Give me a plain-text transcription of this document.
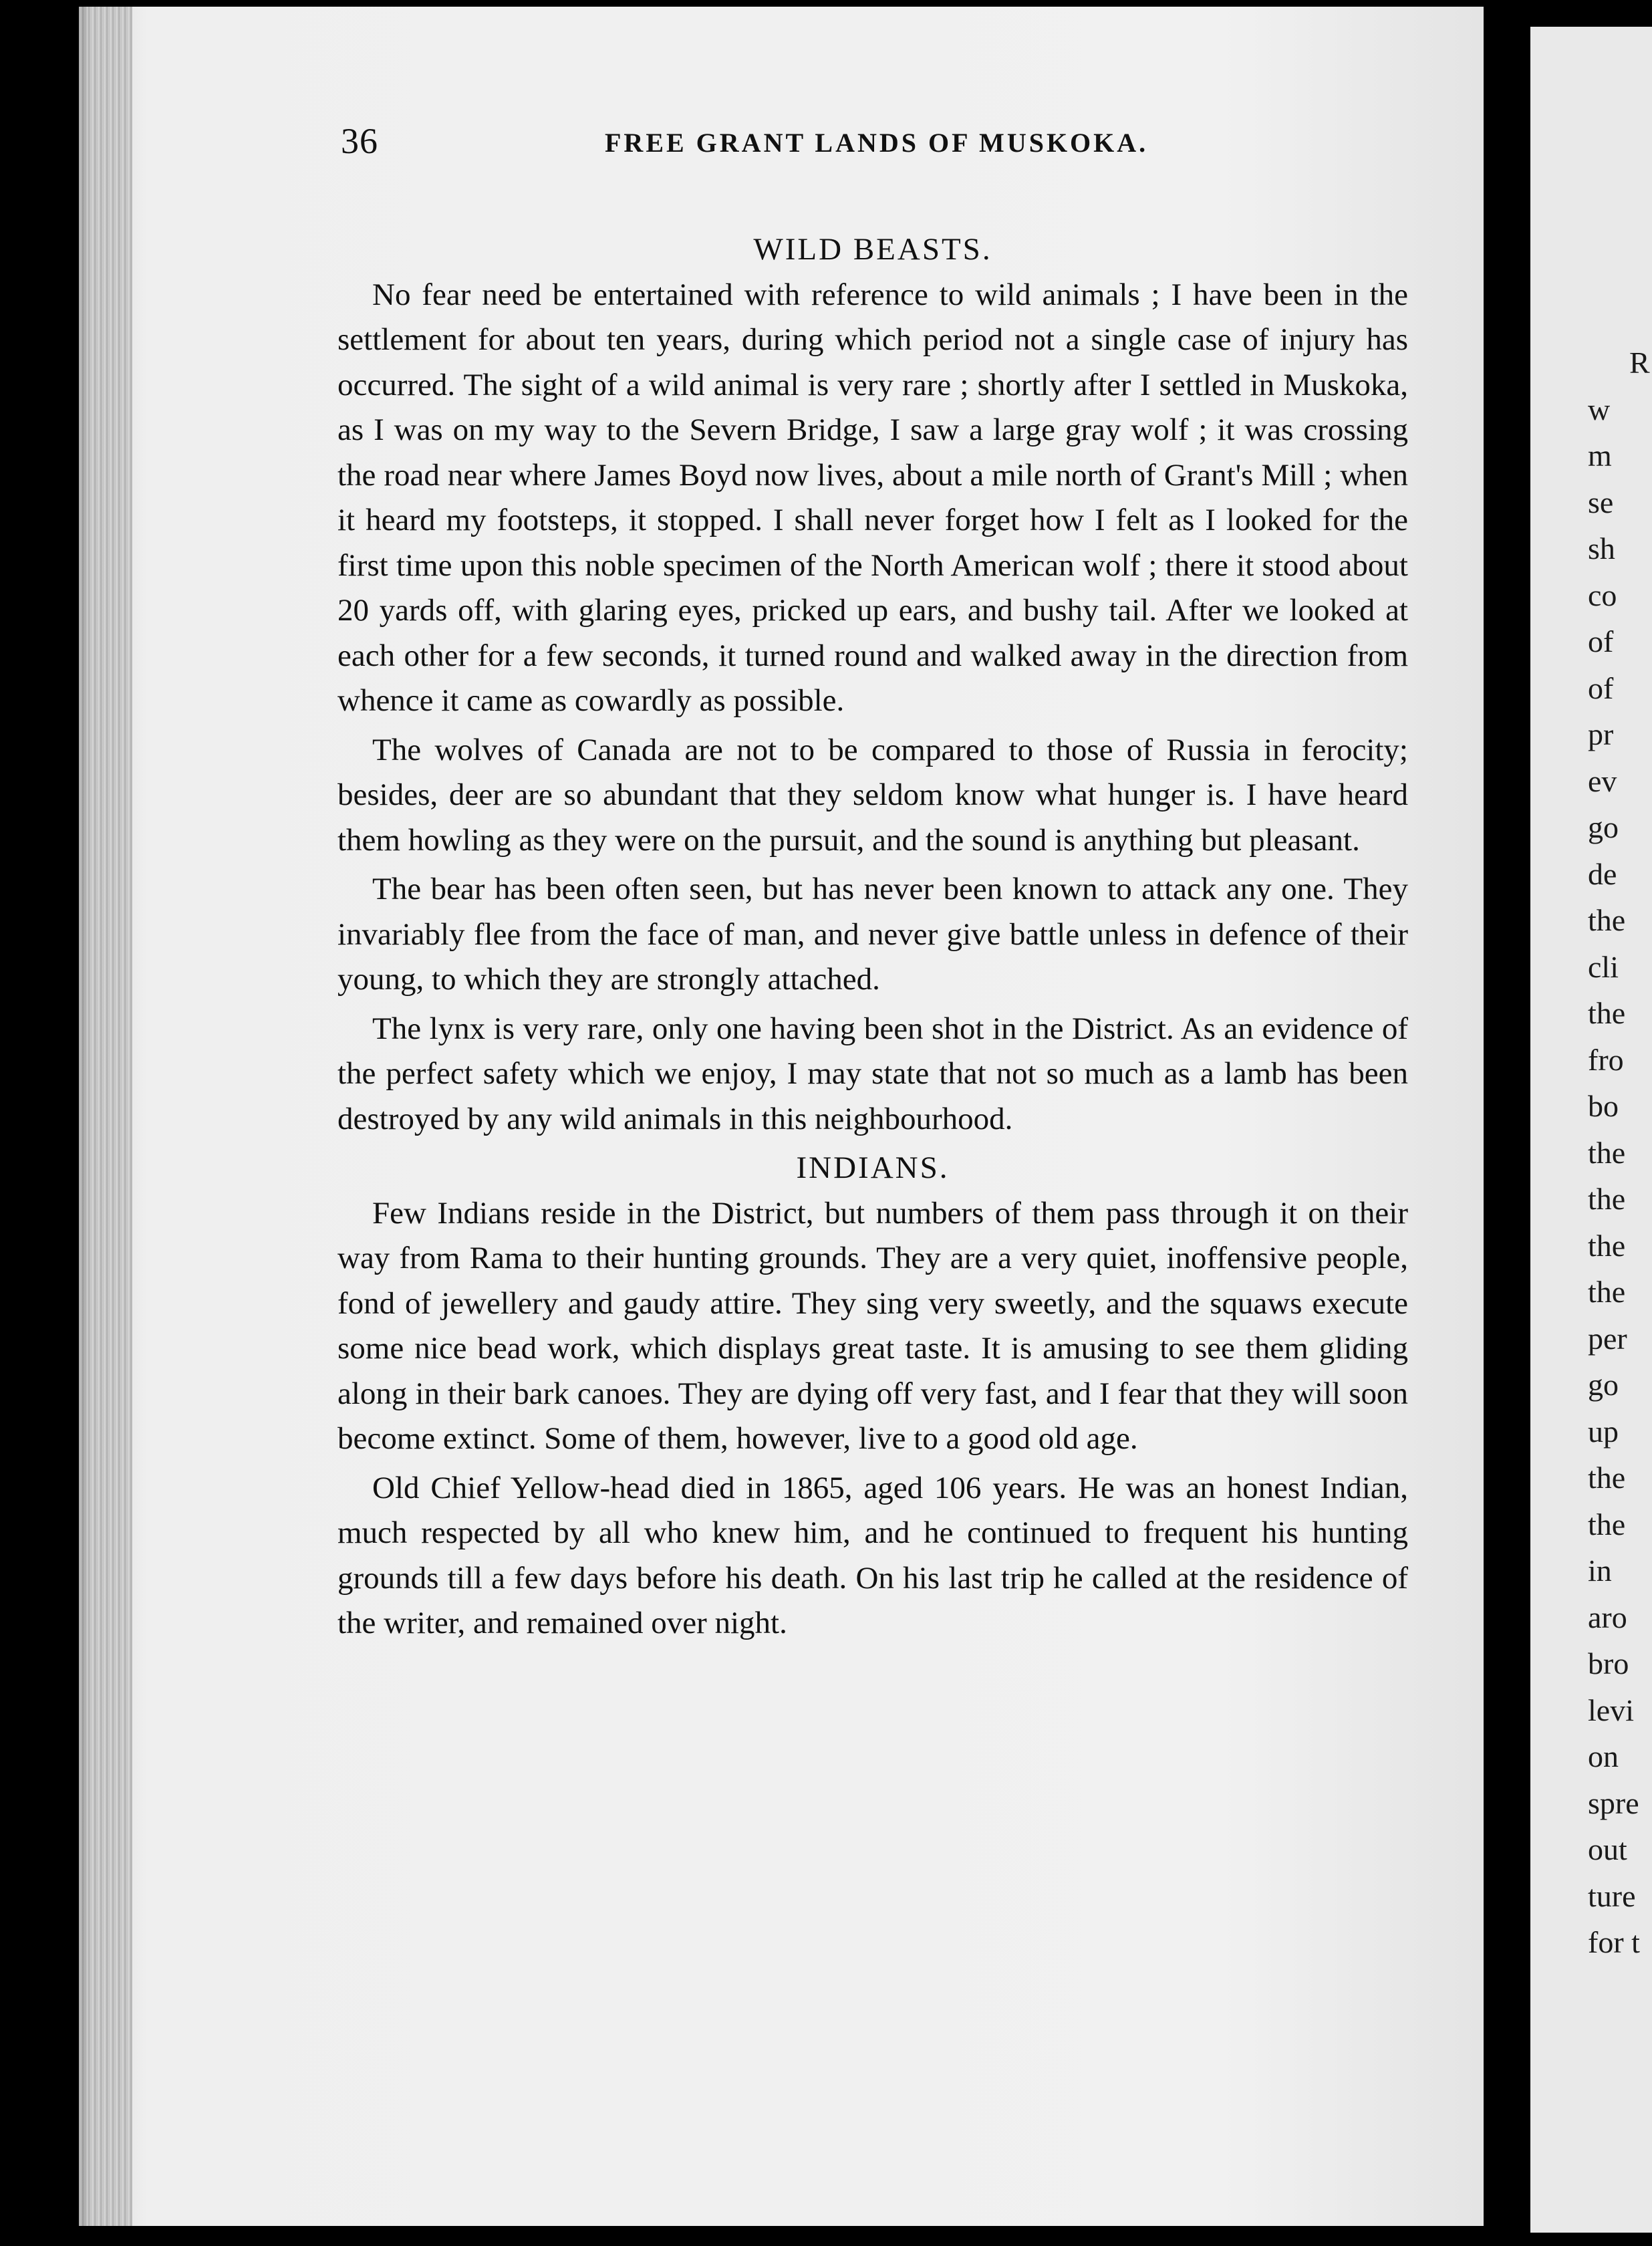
36	FREE GRANT LANDS OF MUSKOKA.
WILD BEASTS.

No fear need be entertained with reference to wild animals ; I have been in the settlement for about ten years, during which period not a single case of injury has occurred. The sight of a wild animal is very rare ; shortly after I settled in Muskoka, as I was on my way to the Severn Bridge, I saw a large gray wolf ; it was crossing the road near where James Boyd now lives, about a mile north of Grant's Mill ; when it heard my footsteps, it stopped. I shall never forget how I felt as I looked for the first time upon this noble specimen of the North American wolf ; there it stood about 20 yards off, with glaring eyes, pricked up ears, and bushy tail. After we looked at each other for a few seconds, it turned round and walked away in the direction from whence it came as cowardly as possible.

The wolves of Canada are not to be compared to those of Russia in ferocity; besides, deer are so abundant that they seldom know what hunger is. I have heard them howling as they were on the pursuit, and the sound is anything but pleasant.

The bear has been often seen, but has never been known to attack any one. They invariably flee from the face of man, and never give battle unless in defence of their young, to which they are strongly attached.

The lynx is very rare, only one having been shot in the District. As an evidence of the perfect safety which we enjoy, I may state that not so much as a lamb has been destroyed by any wild animals in this neighbourhood.

INDIANS.

Few Indians reside in the District, but numbers of them pass through it on their way from Rama to their hunting grounds. They are a very quiet, inoffensive people, fond of jewellery and gaudy attire. They sing very sweetly, and the squaws execute some nice bead work, which displays great taste. It is amusing to see them gliding along in their bark canoes. They are dying off very fast, and I fear that they will soon become extinct. Some of them, however, live to a good old age.

Old Chief Yellow-head died in 1865, aged 106 years. He was an honest Indian, much respected by all who knew him, and he continued to frequent his hunting grounds till a few days before his death. On his last trip he called at the residence of the writer, and remained over night.

R
w
m
se
sh
co
of
of
pr
ev
go
de
the
cli
the
fro
bo
the
the
the
the
per
go
up
the
the
in
aro
bro
levi
on
spre
out
ture
for t
